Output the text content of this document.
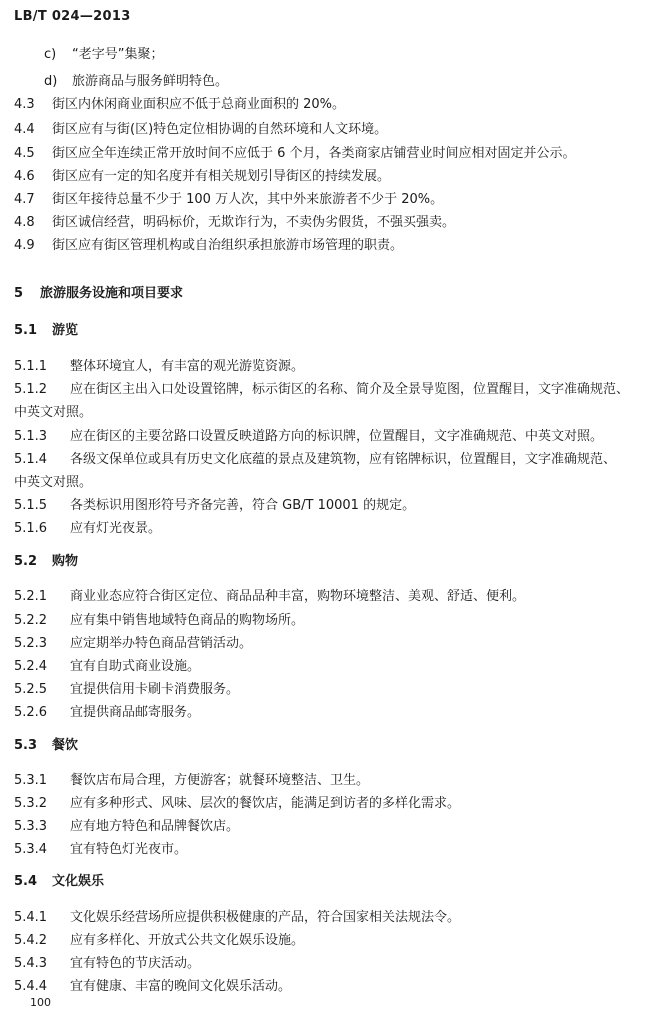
LB/T 024—2013
c) “老字号”集聚；
d) 旅游商品与服务鲜明特色。
4.3 街区内休闲商业面积应不低于总商业面积的 20%。
4.4 街区应有与街(区)特色定位相协调的自然环境和人文环境。
4.5 街区应全年连续正常开放时间不应低于 6 个月，各类商家店铺营业时间应相对固定并公示。
4.6 街区应有一定的知名度并有相关规划引导街区的持续发展。
4.7 街区年接待总量不少于 100 万人次，其中外来旅游者不少于 20%。
4.8 街区诚信经营，明码标价，无欺诈行为，不卖伪劣假货，不强买强卖。
4.9 街区应有街区管理机构或自治组织承担旅游市场管理的职责。
5 旅游服务设施和项目要求
5.1 游览
5.1.1 整体环境宜人，有丰富的观光游览资源。
5.1.2 应在街区主出入口处设置铭牌，标示街区的名称、简介及全景导览图，位置醒目，文字准确规范、
中英文对照。
5.1.3 应在街区的主要岔路口设置反映道路方向的标识牌，位置醒目，文字准确规范、中英文对照。
5.1.4 各级文保单位或具有历史文化底蕴的景点及建筑物，应有铭牌标识，位置醒目，文字准确规范、
中英文对照。
5.1.5 各类标识用图形符号齐备完善，符合 GB/T 10001 的规定。
5.1.6 应有灯光夜景。
5.2 购物
5.2.1 商业业态应符合街区定位、商品品种丰富，购物环境整洁、美观、舒适、便利。
5.2.2 应有集中销售地域特色商品的购物场所。
5.2.3 应定期举办特色商品营销活动。
5.2.4 宜有自助式商业设施。
5.2.5 宜提供信用卡刷卡消费服务。
5.2.6 宜提供商品邮寄服务。
5.3 餐饮
5.3.1 餐饮店布局合理，方便游客；就餐环境整洁、卫生。
5.3.2 应有多种形式、风味、层次的餐饮店，能满足到访者的多样化需求。
5.3.3 应有地方特色和品牌餐饮店。
5.3.4 宜有特色灯光夜市。
5.4 文化娱乐
5.4.1 文化娱乐经营场所应提供积极健康的产品，符合国家相关法规法令。
5.4.2 应有多样化、开放式公共文化娱乐设施。
5.4.3 宜有特色的节庆活动。
5.4.4 宜有健康、丰富的晚间文化娱乐活动。
100
